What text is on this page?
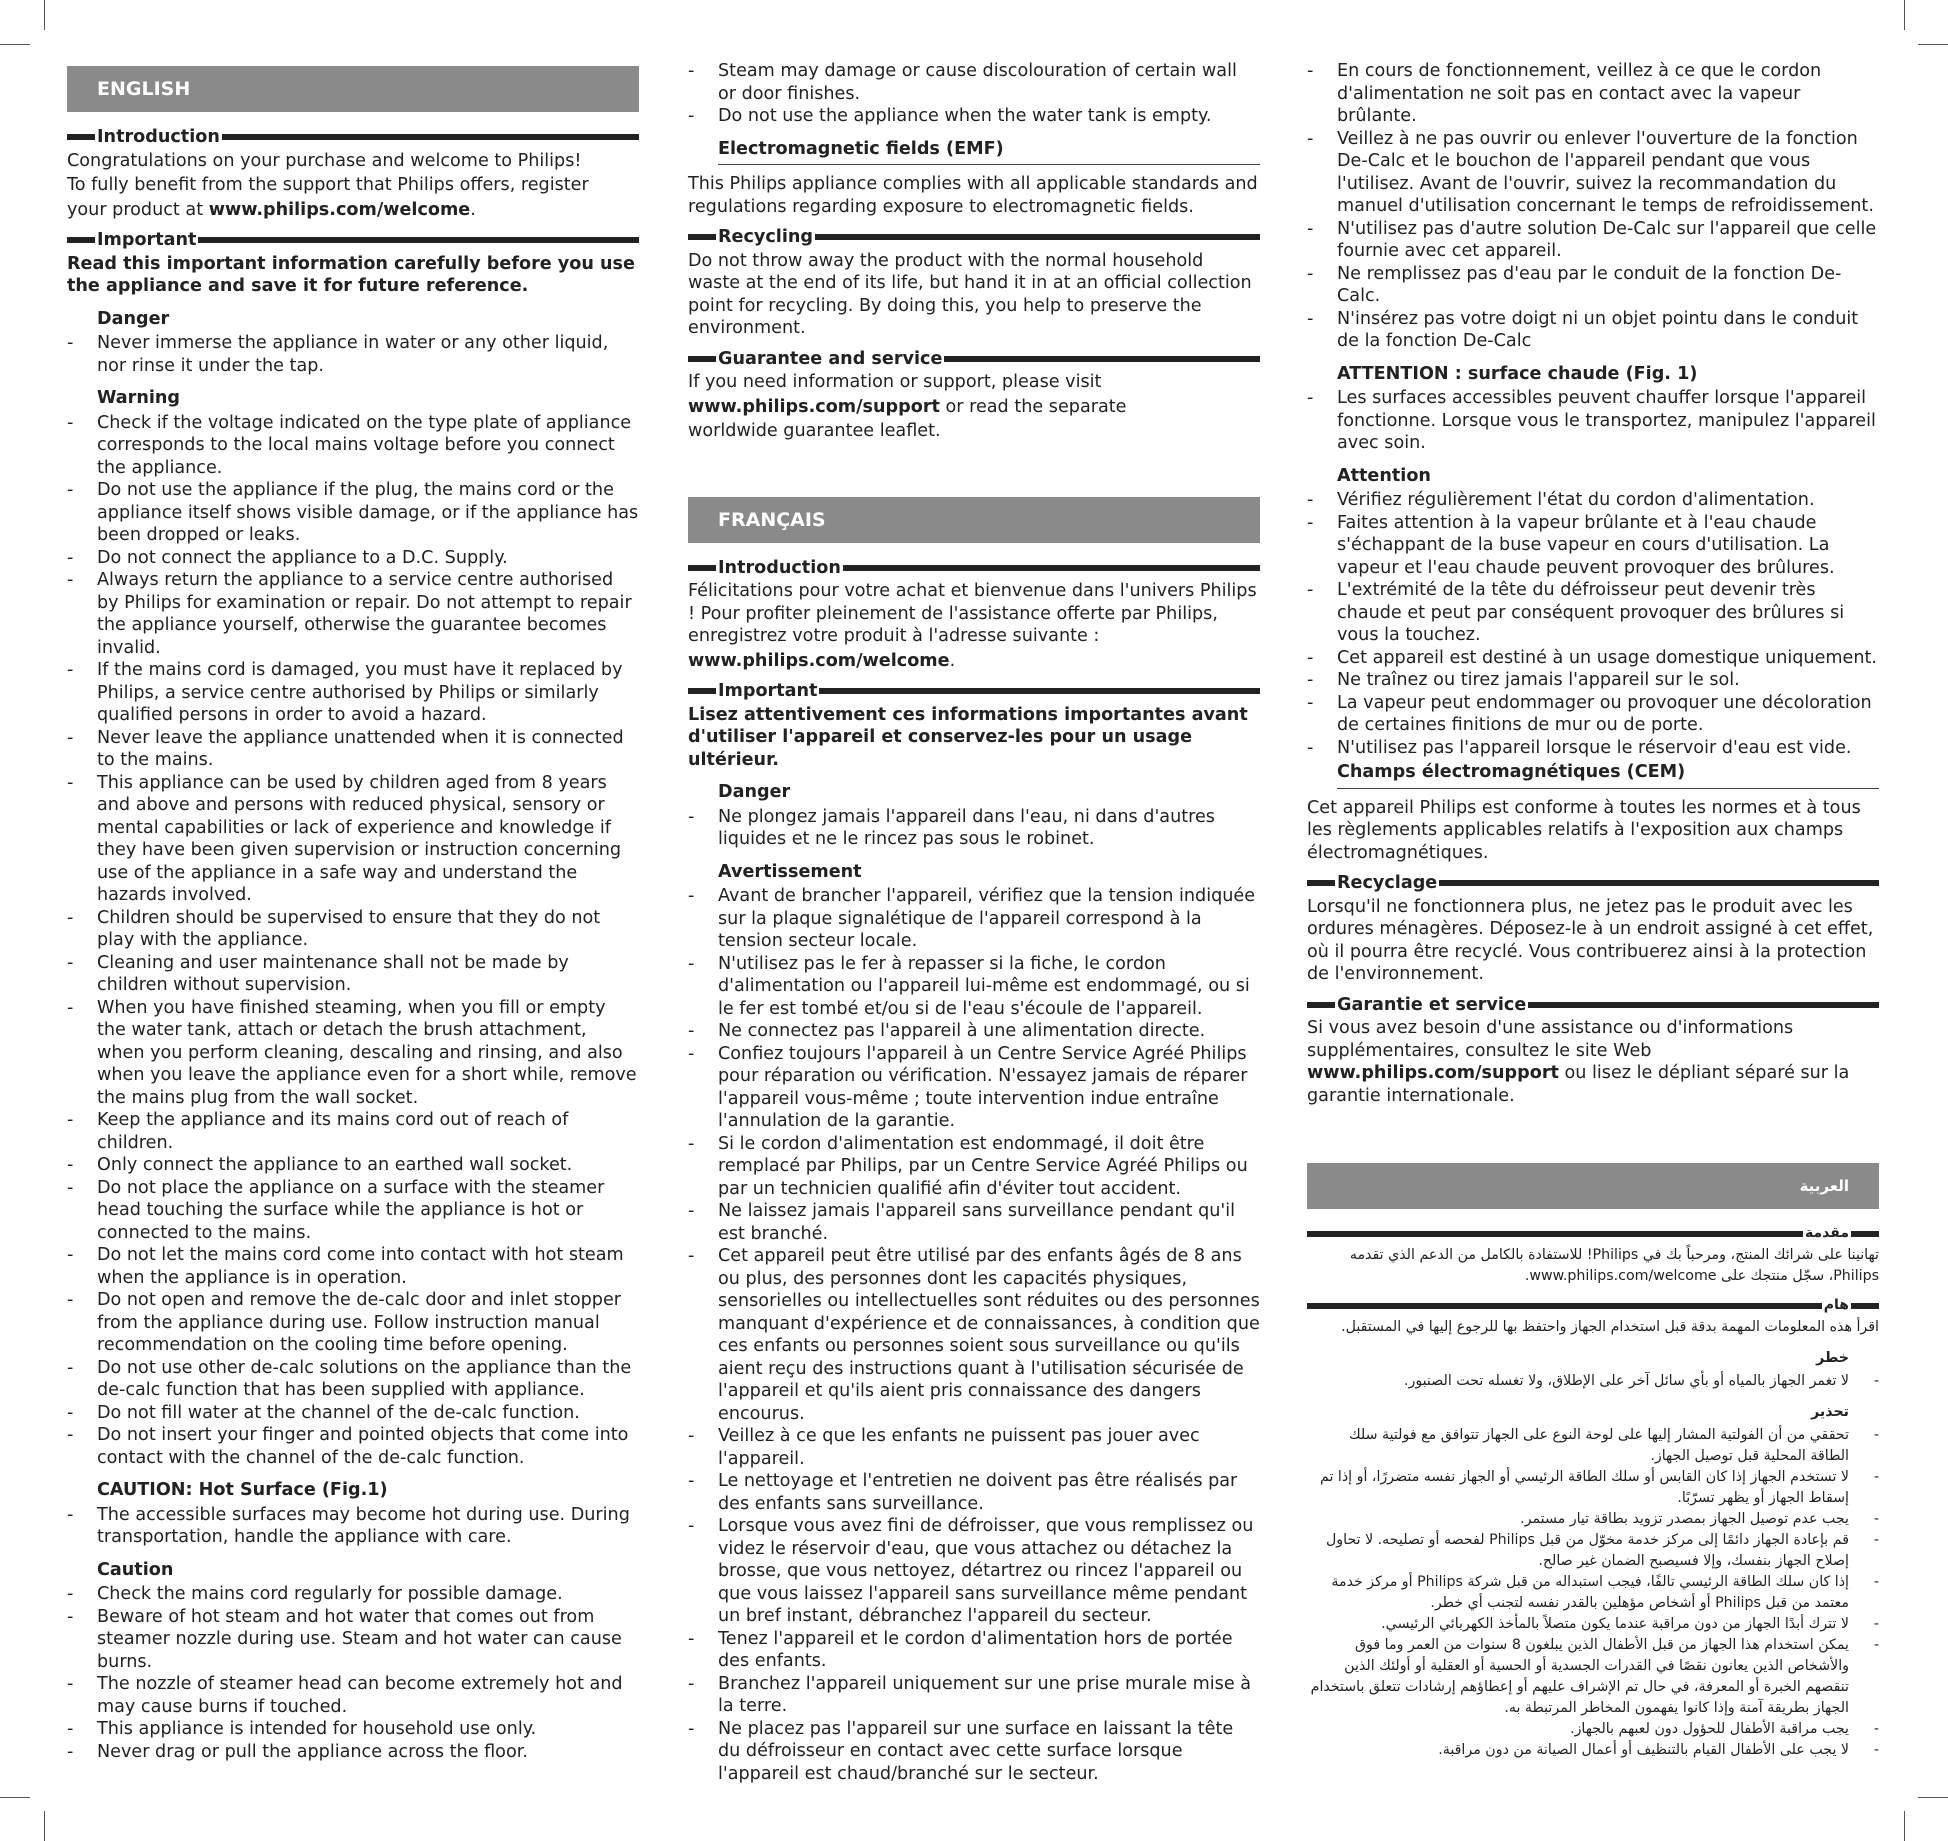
ENGLISH
Introduction

Congratulations on your purchase and welcome to Philips!

To fully benefit from the support that Philips offers, register

your product at www.philips.com/welcome.

Important

Read this important information carefully before you use the appliance and save it for future reference.

Danger
- Never immerse the appliance in water or any other liquid, nor rinse it under the tap.
Warning
- Check if the voltage indicated on the type plate of appliance corresponds to the local mains voltage before you connect the appliance.
- Do not use the appliance if the plug, the mains cord or the appliance itself shows visible damage, or if the appliance has been dropped or leaks.
- Do not connect the appliance to a D.C. Supply.
- Always return the appliance to a service centre authorised by Philips for examination or repair. Do not attempt to repair the appliance yourself, otherwise the guarantee becomes invalid.
- If the mains cord is damaged, you must have it replaced by Philips, a service centre authorised by Philips or similarly qualified persons in order to avoid a hazard.
- Never leave the appliance unattended when it is connected to the mains.
- This appliance can be used by children aged from 8 years and above and persons with reduced physical, sensory or mental capabilities or lack of experience and knowledge if they have been given supervision or instruction concerning use of the appliance in a safe way and understand the hazards involved.
- Children should be supervised to ensure that they do not play with the appliance.
- Cleaning and user maintenance shall not be made by children without supervision.
- When you have finished steaming, when you fill or empty the water tank, attach or detach the brush attachment, when you perform cleaning, descaling and rinsing, and also when you leave the appliance even for a short while, remove the mains plug from the wall socket.
- Keep the appliance and its mains cord out of reach of children.
- Only connect the appliance to an earthed wall socket.
- Do not place the appliance on a surface with the steamer head touching the surface while the appliance is hot or connected to the mains.
- Do not let the mains cord come into contact with hot steam when the appliance is in operation.
- Do not open and remove the de-calc door and inlet stopper from the appliance during use. Follow instruction manual recommendation on the cooling time before opening.
- Do not use other de-calc solutions on the appliance than the de-calc function that has been supplied with appliance.
- Do not fill water at the channel of the de-calc function.
- Do not insert your finger and pointed objects that come into contact with the channel of the de-calc function.
CAUTION: Hot Surface (Fig.1)
- The accessible surfaces may become hot during use. During transportation, handle the appliance with care.
Caution
- Check the mains cord regularly for possible damage.
- Beware of hot steam and hot water that comes out from steamer nozzle during use. Steam and hot water can cause burns.
- The nozzle of steamer head can become extremely hot and may cause burns if touched.
- This appliance is intended for household use only.
- Never drag or pull the appliance across the floor.
- Steam may damage or cause discolouration of certain wall or door finishes.
- Do not use the appliance when the water tank is empty.
Electromagnetic fields (EMF)

This Philips appliance complies with all applicable standards and regulations regarding exposure to electromagnetic fields.

Recycling

Do not throw away the product with the normal household waste at the end of its life, but hand it in at an official collection point for recycling. By doing this, you help to preserve the environment.

Guarantee and service

If you need information or support, please visit

www.philips.com/support or read the separate

worldwide guarantee leaflet.

FRANÇAIS
Introduction

Félicitations pour votre achat et bienvenue dans l'univers Philips ! Pour profiter pleinement de l'assistance offerte par Philips, enregistrez votre produit à l'adresse suivante :

www.philips.com/welcome.

Important

Lisez attentivement ces informations importantes avant d'utiliser l'appareil et conservez-les pour un usage ultérieur.

Danger
- Ne plongez jamais l'appareil dans l'eau, ni dans d'autres liquides et ne le rincez pas sous le robinet.
Avertissement
- Avant de brancher l'appareil, vérifiez que la tension indiquée sur la plaque signalétique de l'appareil correspond à la tension secteur locale.
- N'utilisez pas le fer à repasser si la fiche, le cordon d'alimentation ou l'appareil lui-même est endommagé, ou si le fer est tombé et/ou si de l'eau s'écoule de l'appareil.
- Ne connectez pas l'appareil à une alimentation directe.
- Confiez toujours l'appareil à un Centre Service Agréé Philips pour réparation ou vérification. N'essayez jamais de réparer l'appareil vous-même ; toute intervention indue entraîne l'annulation de la garantie.
- Si le cordon d'alimentation est endommagé, il doit être remplacé par Philips, par un Centre Service Agréé Philips ou par un technicien qualifié afin d'éviter tout accident.
- Ne laissez jamais l'appareil sans surveillance pendant qu'il est branché.
- Cet appareil peut être utilisé par des enfants âgés de 8 ans ou plus, des personnes dont les capacités physiques, sensorielles ou intellectuelles sont réduites ou des personnes manquant d'expérience et de connaissances, à condition que ces enfants ou personnes soient sous surveillance ou qu'ils aient reçu des instructions quant à l'utilisation sécurisée de l'appareil et qu'ils aient pris connaissance des dangers encourus.
- Veillez à ce que les enfants ne puissent pas jouer avec l'appareil.
- Le nettoyage et l'entretien ne doivent pas être réalisés par des enfants sans surveillance.
- Lorsque vous avez fini de défroisser, que vous remplissez ou videz le réservoir d'eau, que vous attachez ou détachez la brosse, que vous nettoyez, détartrez ou rincez l'appareil ou que vous laissez l'appareil sans surveillance même pendant un bref instant, débranchez l'appareil du secteur.
- Tenez l'appareil et le cordon d'alimentation hors de portée des enfants.
- Branchez l'appareil uniquement sur une prise murale mise à la terre.
- Ne placez pas l'appareil sur une surface en laissant la tête du défroisseur en contact avec cette surface lorsque l'appareil est chaud/branché sur le secteur.
- En cours de fonctionnement, veillez à ce que le cordon d'alimentation ne soit pas en contact avec la vapeur brûlante.
- Veillez à ne pas ouvrir ou enlever l'ouverture de la fonction De-Calc et le bouchon de l'appareil pendant que vous l'utilisez. Avant de l'ouvrir, suivez la recommandation du manuel d'utilisation concernant le temps de refroidissement.
- N'utilisez pas d'autre solution De-Calc sur l'appareil que celle fournie avec cet appareil.
- Ne remplissez pas d'eau par le conduit de la fonction De-Calc.
- N'insérez pas votre doigt ni un objet pointu dans le conduit de la fonction De-Calc
ATTENTION : surface chaude (Fig. 1)
- Les surfaces accessibles peuvent chauffer lorsque l'appareil fonctionne. Lorsque vous le transportez, manipulez l'appareil avec soin.
Attention
- Vérifiez régulièrement l'état du cordon d'alimentation.
- Faites attention à la vapeur brûlante et à l'eau chaude s'échappant de la buse vapeur en cours d'utilisation. La vapeur et l'eau chaude peuvent provoquer des brûlures.
- L'extrémité de la tête du défroisseur peut devenir très chaude et peut par conséquent provoquer des brûlures si vous la touchez.
- Cet appareil est destiné à un usage domestique uniquement.
- Ne traînez ou tirez jamais l'appareil sur le sol.
- La vapeur peut endommager ou provoquer une décoloration de certaines finitions de mur ou de porte.
- N'utilisez pas l'appareil lorsque le réservoir d'eau est vide.
Champs électromagnétiques (CEM)

Cet appareil Philips est conforme à toutes les normes et à tous les règlements applicables relatifs à l'exposition aux champs électromagnétiques.

Recyclage

Lorsqu'il ne fonctionnera plus, ne jetez pas le produit avec les ordures ménagères. Déposez-le à un endroit assigné à cet effet, où il pourra être recyclé. Vous contribuerez ainsi à la protection de l'environnement.

Garantie et service

Si vous avez besoin d'une assistance ou d'informations supplémentaires, consultez le site Web www.philips.com/support ou lisez le dépliant séparé sur la garantie internationale.

العربية
مقدمة

تهانينا على شرائك المنتج، ومرحباً بك في Philips! للاستفادة بالكامل من الدعم الذي تقدمه Philips، سجّل منتجك على www.philips.com/welcome.

هام

اقرأ هذه المعلومات المهمة بدقة قبل استخدام الجهاز واحتفظ بها للرجوع إليها في المستقبل.

خطر
- لا تغمر الجهاز بالمياه أو بأي سائل آخر على الإطلاق، ولا تغسله تحت الصنبور.
تحذير
- تحققي من أن الفولتية المشار إليها على لوحة النوع على الجهاز تتوافق مع فولتية سلك الطاقة المحلية قبل توصيل الجهاز.
- لا تستخدم الجهاز إذا كان القابس أو سلك الطاقة الرئيسي أو الجهاز نفسه متضررًا، أو إذا تم إسقاط الجهاز أو يظهر تسرّبًا.
- يجب عدم توصيل الجهاز بمصدر تزويد بطاقة تيار مستمر.
- قم بإعادة الجهاز دائمًا إلى مركز خدمة مخوّل من قبل Philips لفحصه أو تصليحه. لا تحاول إصلاح الجهاز بنفسك، وإلا فسيصبح الضمان غير صالح.
- إذا كان سلك الطاقة الرئيسي تالفًا، فيجب استبداله من قبل شركة Philips أو مركز خدمة معتمد من قبل Philips أو أشخاص مؤهلين بالقدر نفسه لتجنب أي خطر.
- لا تترك أبدًا الجهاز من دون مراقبة عندما يكون متصلاً بالمأخذ الكهربائي الرئيسي.
- يمكن استخدام هذا الجهاز من قبل الأطفال الذين يبلغون 8 سنوات من العمر وما فوق والأشخاص الذين يعانون نقصًا في القدرات الجسدية أو الحسية أو العقلية أو أولئك الذين تنقصهم الخبرة أو المعرفة، في حال تم الإشراف عليهم أو إعطاؤهم إرشادات تتعلق باستخدام الجهاز بطريقة آمنة وإذا كانوا يفهمون المخاطر المرتبطة به.
- يجب مراقبة الأطفال للحؤول دون لعبهم بالجهاز.
- لا يجب على الأطفال القيام بالتنظيف أو أعمال الصيانة من دون مراقبة.
